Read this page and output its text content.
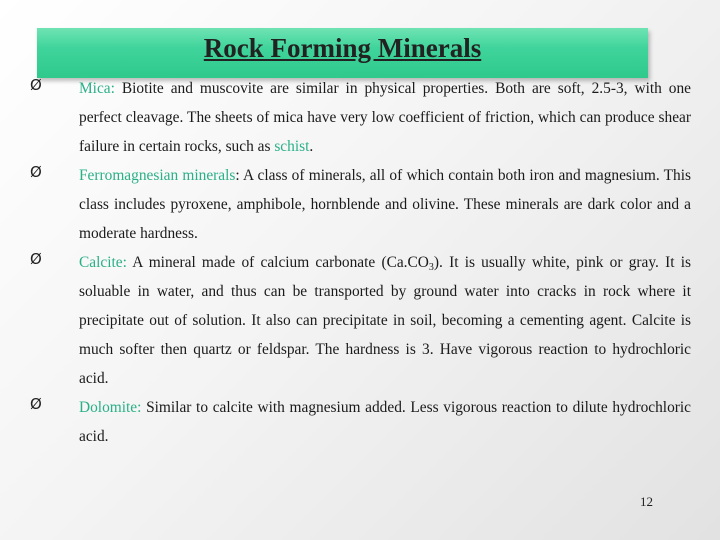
Rock Forming Minerals
Ø Mica: Biotite and muscovite are similar in physical properties. Both are soft, 2.5-3, with one perfect cleavage. The sheets of mica have very low coefficient of friction, which can produce shear failure in certain rocks, such as schist.
Ø Ferromagnesian minerals: A class of minerals, all of which contain both iron and magnesium. This class includes pyroxene, amphibole, hornblende and olivine. These minerals are dark color and a moderate hardness.
Ø Calcite: A mineral made of calcium carbonate $(Ca.CO_3)$. It is usually white, pink or gray. It is soluable in water, and thus can be transported by ground water into cracks in rock where it precipitate out of solution. It also can precipitate in soil, becoming a cementing agent. Calcite is much softer then quartz or feldspar. The hardness is 3. Have vigorous reaction to hydrochloric acid.
Ø Dolomite: Similar to calcite with magnesium added. Less vigorous reaction to dilute hydrochloric acid.
12
